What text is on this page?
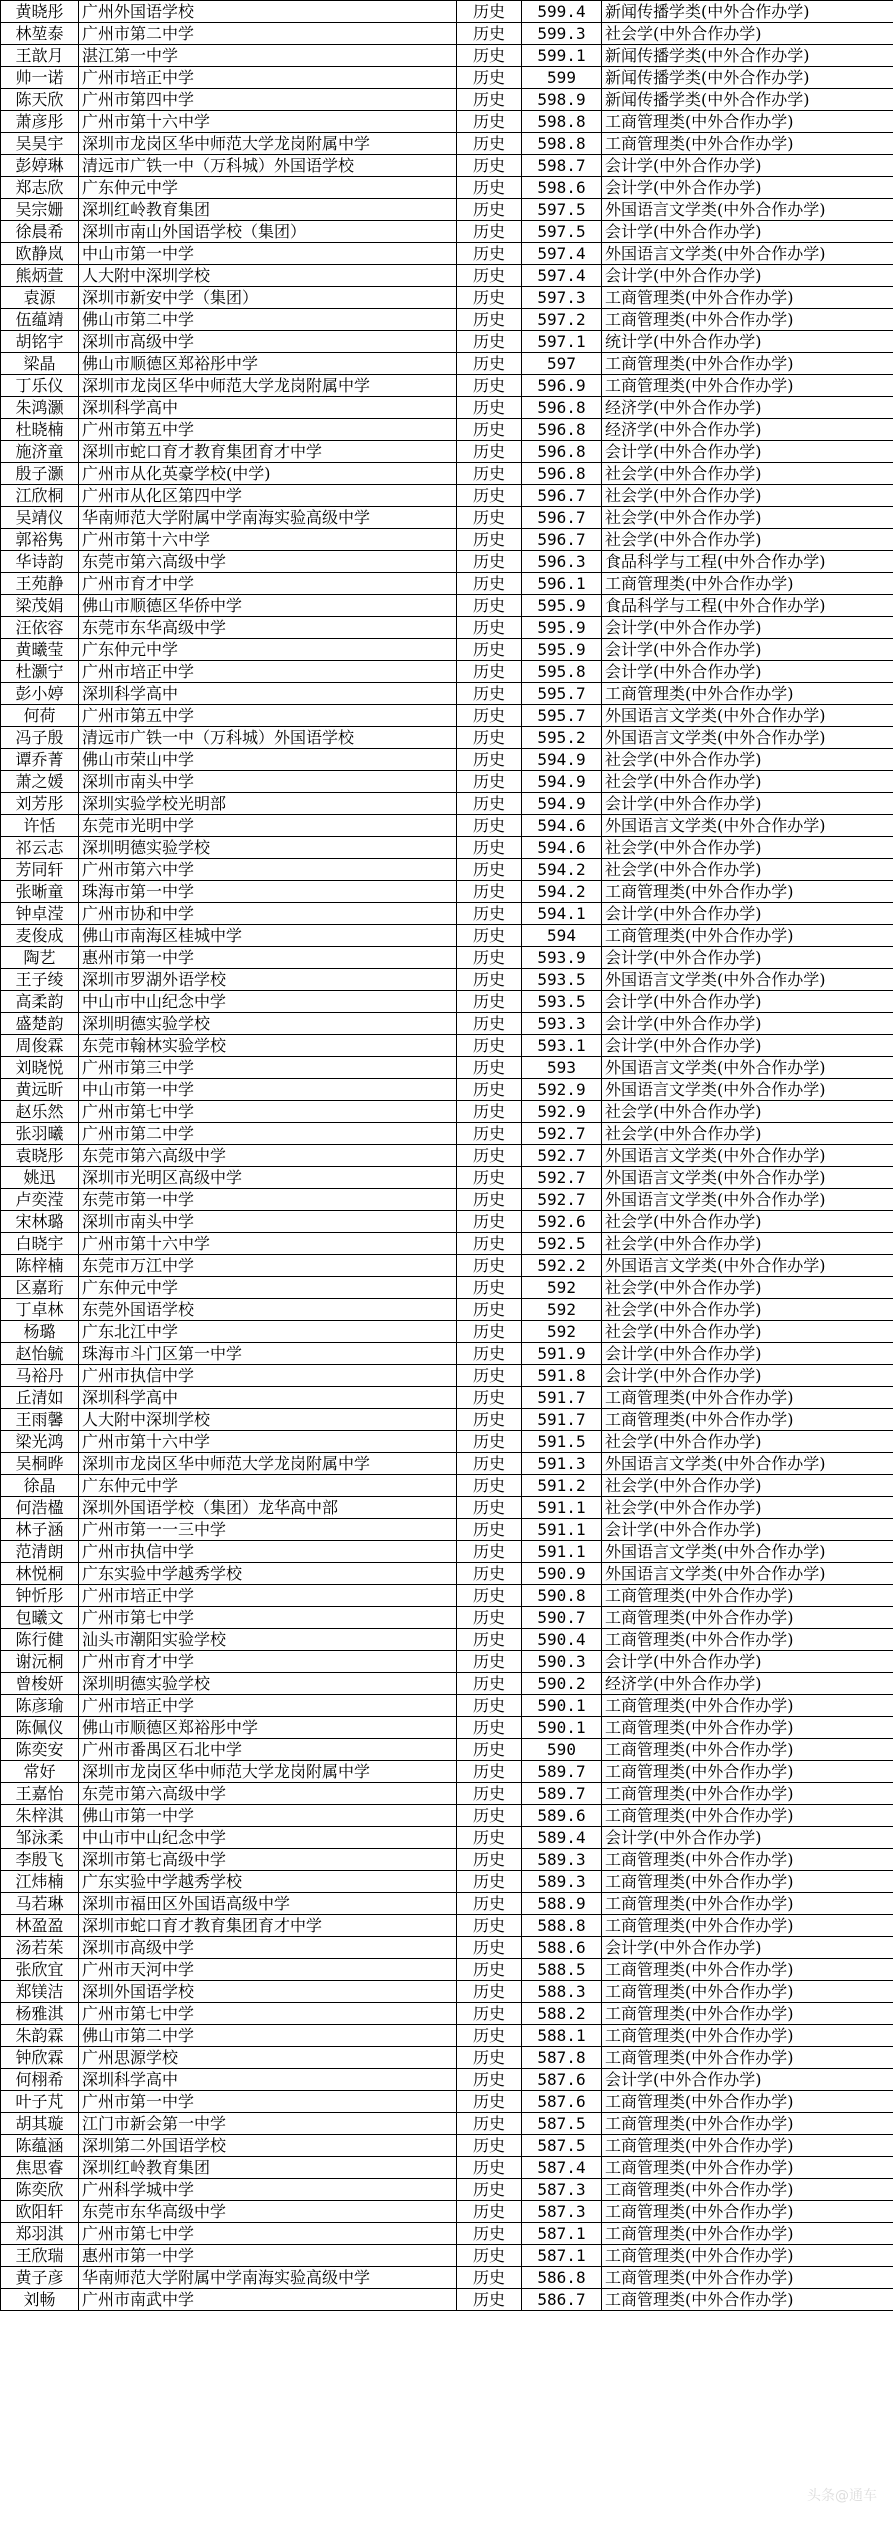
黄晓彤	广州外国语学校	历史	599.4	新闻传播学类(中外合作办学)
林堃泰	广州市第二中学	历史	599.3	社会学(中外合作办学)
王歆月	湛江第一中学	历史	599.1	新闻传播学类(中外合作办学)
帅一诺	广州市培正中学	历史	599	新闻传播学类(中外合作办学)
陈天欣	广州市第四中学	历史	598.9	新闻传播学类(中外合作办学)
萧彦彤	广州市第十六中学	历史	598.8	工商管理类(中外合作办学)
吴昊宇	深圳市龙岗区华中师范大学龙岗附属中学	历史	598.8	工商管理类(中外合作办学)
彭婷琳	清远市广铁一中（万科城）外国语学校	历史	598.7	会计学(中外合作办学)
郑志欣	广东仲元中学	历史	598.6	会计学(中外合作办学)
吴宗姗	深圳红岭教育集团	历史	597.5	外国语言文学类(中外合作办学)
徐晨希	深圳市南山外国语学校（集团）	历史	597.5	会计学(中外合作办学)
欧静岚	中山市第一中学	历史	597.4	外国语言文学类(中外合作办学)
熊炳萱	人大附中深圳学校	历史	597.4	会计学(中外合作办学)
袁源	深圳市新安中学（集团）	历史	597.3	工商管理类(中外合作办学)
伍蕴靖	佛山市第二中学	历史	597.2	工商管理类(中外合作办学)
胡铭宇	深圳市高级中学	历史	597.1	统计学(中外合作办学)
梁晶	佛山市顺德区郑裕彤中学	历史	597	工商管理类(中外合作办学)
丁乐仪	深圳市龙岗区华中师范大学龙岗附属中学	历史	596.9	工商管理类(中外合作办学)
朱鸿灏	深圳科学高中	历史	596.8	经济学(中外合作办学)
杜晓楠	广州市第五中学	历史	596.8	经济学(中外合作办学)
施济童	深圳市蛇口育才教育集团育才中学	历史	596.8	会计学(中外合作办学)
殷子灏	广州市从化英豪学校(中学)	历史	596.8	社会学(中外合作办学)
江欣桐	广州市从化区第四中学	历史	596.7	社会学(中外合作办学)
吴靖仪	华南师范大学附属中学南海实验高级中学	历史	596.7	社会学(中外合作办学)
郭裕隽	广州市第十六中学	历史	596.7	社会学(中外合作办学)
华诗韵	东莞市第六高级中学	历史	596.3	食品科学与工程(中外合作办学)
王苑静	广州市育才中学	历史	596.1	工商管理类(中外合作办学)
梁茂娟	佛山市顺德区华侨中学	历史	595.9	食品科学与工程(中外合作办学)
汪依容	东莞市东华高级中学	历史	595.9	会计学(中外合作办学)
黄曦莹	广东仲元中学	历史	595.9	会计学(中外合作办学)
杜灏宁	广州市培正中学	历史	595.8	会计学(中外合作办学)
彭小婷	深圳科学高中	历史	595.7	工商管理类(中外合作办学)
何荷	广州市第五中学	历史	595.7	外国语言文学类(中外合作办学)
冯子殷	清远市广铁一中（万科城）外国语学校	历史	595.2	外国语言文学类(中外合作办学)
谭乔菁	佛山市荣山中学	历史	594.9	社会学(中外合作办学)
萧之媛	深圳市南头中学	历史	594.9	社会学(中外合作办学)
刘芳彤	深圳实验学校光明部	历史	594.9	会计学(中外合作办学)
许恬	东莞市光明中学	历史	594.6	外国语言文学类(中外合作办学)
祁云志	深圳明德实验学校	历史	594.6	社会学(中外合作办学)
芳同轩	广州市第六中学	历史	594.2	社会学(中外合作办学)
张晰童	珠海市第一中学	历史	594.2	工商管理类(中外合作办学)
钟卓滢	广州市协和中学	历史	594.1	会计学(中外合作办学)
麦俊成	佛山市南海区桂城中学	历史	594	工商管理类(中外合作办学)
陶艺	惠州市第一中学	历史	593.9	会计学(中外合作办学)
王子绫	深圳市罗湖外语学校	历史	593.5	外国语言文学类(中外合作办学)
高柔韵	中山市中山纪念中学	历史	593.5	会计学(中外合作办学)
盛楚韵	深圳明德实验学校	历史	593.3	会计学(中外合作办学)
周俊霖	东莞市翰林实验学校	历史	593.1	会计学(中外合作办学)
刘晓悦	广州市第三中学	历史	593	外国语言文学类(中外合作办学)
黄远昕	中山市第一中学	历史	592.9	外国语言文学类(中外合作办学)
赵乐然	广州市第七中学	历史	592.9	社会学(中外合作办学)
张羽曦	广州市第二中学	历史	592.7	社会学(中外合作办学)
袁晓彤	东莞市第六高级中学	历史	592.7	外国语言文学类(中外合作办学)
姚迅	深圳市光明区高级中学	历史	592.7	外国语言文学类(中外合作办学)
卢奕滢	东莞市第一中学	历史	592.7	外国语言文学类(中外合作办学)
宋林璐	深圳市南头中学	历史	592.6	社会学(中外合作办学)
白晓宇	广州市第十六中学	历史	592.5	社会学(中外合作办学)
陈梓楠	东莞市万江中学	历史	592.2	外国语言文学类(中外合作办学)
区嘉珩	广东仲元中学	历史	592	社会学(中外合作办学)
丁卓林	东莞外国语学校	历史	592	社会学(中外合作办学)
杨璐	广东北江中学	历史	592	社会学(中外合作办学)
赵怡毓	珠海市斗门区第一中学	历史	591.9	会计学(中外合作办学)
马裕丹	广州市执信中学	历史	591.8	会计学(中外合作办学)
丘清如	深圳科学高中	历史	591.7	工商管理类(中外合作办学)
王雨馨	人大附中深圳学校	历史	591.7	工商管理类(中外合作办学)
梁光鸿	广州市第十六中学	历史	591.5	社会学(中外合作办学)
吴桐晔	深圳市龙岗区华中师范大学龙岗附属中学	历史	591.3	外国语言文学类(中外合作办学)
徐晶	广东仲元中学	历史	591.2	社会学(中外合作办学)
何浩楹	深圳外国语学校（集团）龙华高中部	历史	591.1	社会学(中外合作办学)
林子涵	广州市第一一三中学	历史	591.1	会计学(中外合作办学)
范清朗	广州市执信中学	历史	591.1	外国语言文学类(中外合作办学)
林悦桐	广东实验中学越秀学校	历史	590.9	外国语言文学类(中外合作办学)
钟忻彤	广州市培正中学	历史	590.8	工商管理类(中外合作办学)
包曦文	广州市第七中学	历史	590.7	工商管理类(中外合作办学)
陈行健	汕头市潮阳实验学校	历史	590.4	工商管理类(中外合作办学)
谢沅桐	广州市育才中学	历史	590.3	会计学(中外合作办学)
曾梭妍	深圳明德实验学校	历史	590.2	经济学(中外合作办学)
陈彦瑜	广州市培正中学	历史	590.1	工商管理类(中外合作办学)
陈佩仪	佛山市顺德区郑裕彤中学	历史	590.1	工商管理类(中外合作办学)
陈奕安	广州市番禺区石北中学	历史	590	工商管理类(中外合作办学)
常好	深圳市龙岗区华中师范大学龙岗附属中学	历史	589.7	工商管理类(中外合作办学)
王嘉怡	东莞市第六高级中学	历史	589.7	工商管理类(中外合作办学)
朱梓淇	佛山市第一中学	历史	589.6	工商管理类(中外合作办学)
邹泳柔	中山市中山纪念中学	历史	589.4	会计学(中外合作办学)
李殷飞	深圳市第七高级中学	历史	589.3	工商管理类(中外合作办学)
江炜楠	广东实验中学越秀学校	历史	589.3	工商管理类(中外合作办学)
马若琳	深圳市福田区外国语高级中学	历史	588.9	工商管理类(中外合作办学)
林盈盈	深圳市蛇口育才教育集团育才中学	历史	588.8	工商管理类(中外合作办学)
汤若茱	深圳市高级中学	历史	588.6	会计学(中外合作办学)
张欣宜	广州市天河中学	历史	588.5	工商管理类(中外合作办学)
郑镁洁	深圳外国语学校	历史	588.3	工商管理类(中外合作办学)
杨雅淇	广州市第七中学	历史	588.2	工商管理类(中外合作办学)
朱韵霖	佛山市第二中学	历史	588.1	工商管理类(中外合作办学)
钟欣霖	广州思源学校	历史	587.8	工商管理类(中外合作办学)
何栩希	深圳科学高中	历史	587.6	会计学(中外合作办学)
叶子芃	广州市第一中学	历史	587.6	工商管理类(中外合作办学)
胡其璇	江门市新会第一中学	历史	587.5	工商管理类(中外合作办学)
陈蕴涵	深圳第二外国语学校	历史	587.5	工商管理类(中外合作办学)
焦思睿	深圳红岭教育集团	历史	587.4	工商管理类(中外合作办学)
陈奕欣	广州科学城中学	历史	587.3	工商管理类(中外合作办学)
欧阳轩	东莞市东华高级中学	历史	587.3	工商管理类(中外合作办学)
郑羽淇	广州市第七中学	历史	587.1	工商管理类(中外合作办学)
王欣瑞	惠州市第一中学	历史	587.1	工商管理类(中外合作办学)
黄子彦	华南师范大学附属中学南海实验高级中学	历史	586.8	工商管理类(中外合作办学)
刘畅	广州市南武中学	历史	586.7	工商管理类(中外合作办学)
头条@通车
